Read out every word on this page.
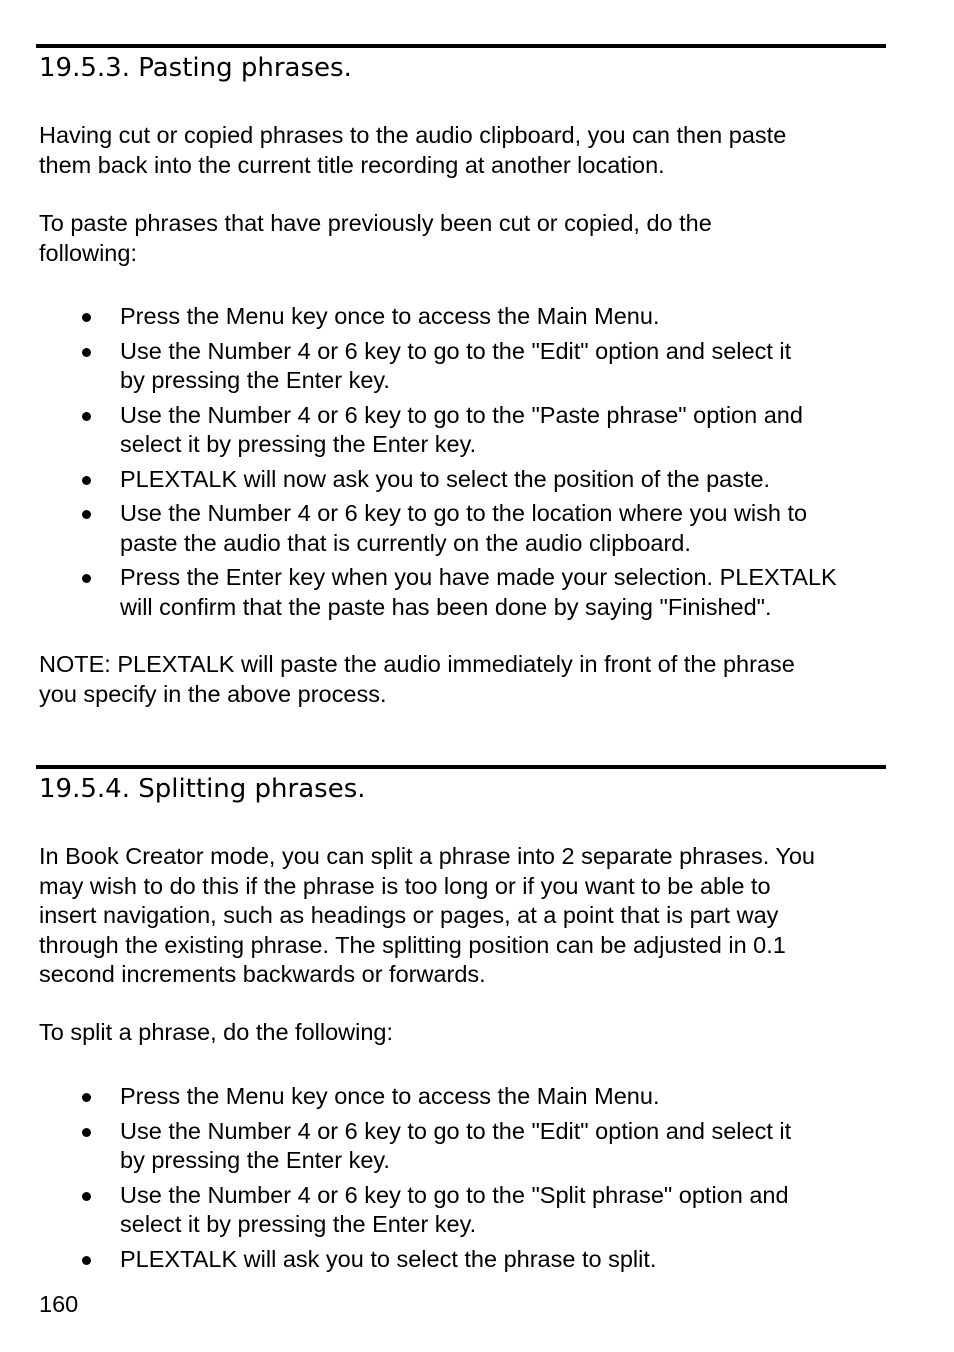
19.5.3. Pasting phrases.

Having cut or copied phrases to the audio clipboard, you can then paste
them back into the current title recording at another location.

To paste phrases that have previously been cut or copied, do the
following:

Press the Menu key once to access the Main Menu.
Use the Number 4 or 6 key to go to the "Edit" option and select it
by pressing the Enter key.
Use the Number 4 or 6 key to go to the "Paste phrase" option and
select it by pressing the Enter key.
PLEXTALK will now ask you to select the position of the paste.
Use the Number 4 or 6 key to go to the location where you wish to
paste the audio that is currently on the audio clipboard.
Press the Enter key when you have made your selection. PLEXTALK
will confirm that the paste has been done by saying "Finished".

NOTE: PLEXTALK will paste the audio immediately in front of the phrase
you specify in the above process.

19.5.4. Splitting phrases.

In Book Creator mode, you can split a phrase into 2 separate phrases. You
may wish to do this if the phrase is too long or if you want to be able to
insert navigation, such as headings or pages, at a point that is part way
through the existing phrase. The splitting position can be adjusted in 0.1
second increments backwards or forwards.

To split a phrase, do the following:

Press the Menu key once to access the Main Menu.
Use the Number 4 or 6 key to go to the "Edit" option and select it
by pressing the Enter key.
Use the Number 4 or 6 key to go to the "Split phrase" option and
select it by pressing the Enter key.
PLEXTALK will ask you to select the phrase to split.
160
